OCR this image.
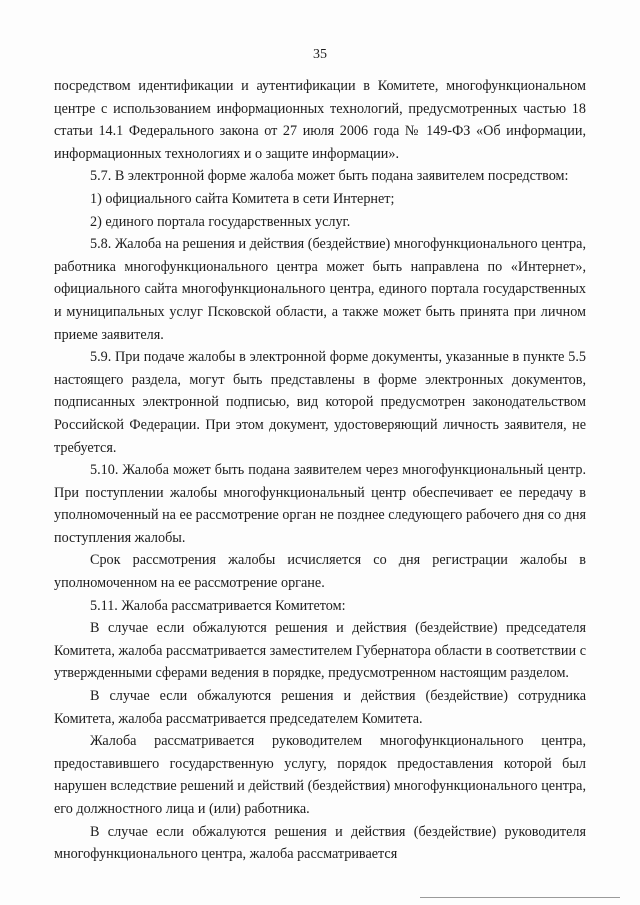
35

посредством идентификации и аутентификации в Комитете, многофункциональном центре с использованием информационных технологий, предусмотренных частью 18 статьи 14.1 Федерального закона от 27 июля 2006 года № 149-ФЗ «Об информации, информационных технологиях и о защите информации».

5.7. В электронной форме жалоба может быть подана заявителем посредством:

1) официального сайта Комитета в сети Интернет;

2) единого портала государственных услуг.

5.8. Жалоба на решения и действия (бездействие) многофункционального центра, работника многофункционального центра может быть направлена по «Интернет», официального сайта многофункционального центра, единого портала государственных и муниципальных услуг Псковской области, а также может быть принята при личном приеме заявителя.

5.9. При подаче жалобы в электронной форме документы, указанные в пункте 5.5 настоящего раздела, могут быть представлены в форме электронных документов, подписанных электронной подписью, вид которой предусмотрен законодательством Российской Федерации. При этом документ, удостоверяющий личность заявителя, не требуется.

5.10. Жалоба может быть подана заявителем через многофункциональный центр. При поступлении жалобы многофункциональный центр обеспечивает ее передачу в уполномоченный на ее рассмотрение орган не позднее следующего рабочего дня со дня поступления жалобы.

Срок рассмотрения жалобы исчисляется со дня регистрации жалобы в уполномоченном на ее рассмотрение органе.

5.11. Жалоба рассматривается Комитетом:

В случае если обжалуются решения и действия (бездействие) председателя Комитета, жалоба рассматривается заместителем Губернатора области в соответствии с утвержденными сферами ведения в порядке, предусмотренном настоящим разделом.

В случае если обжалуются решения и действия (бездействие) сотрудника Комитета, жалоба рассматривается председателем Комитета.

Жалоба рассматривается руководителем многофункционального центра, предоставившего государственную услугу, порядок предоставления которой был нарушен вследствие решений и действий (бездействия) многофункционального центра, его должностного лица и (или) работника.

В случае если обжалуются решения и действия (бездействие) руководителя многофункционального центра, жалоба рассматривается
